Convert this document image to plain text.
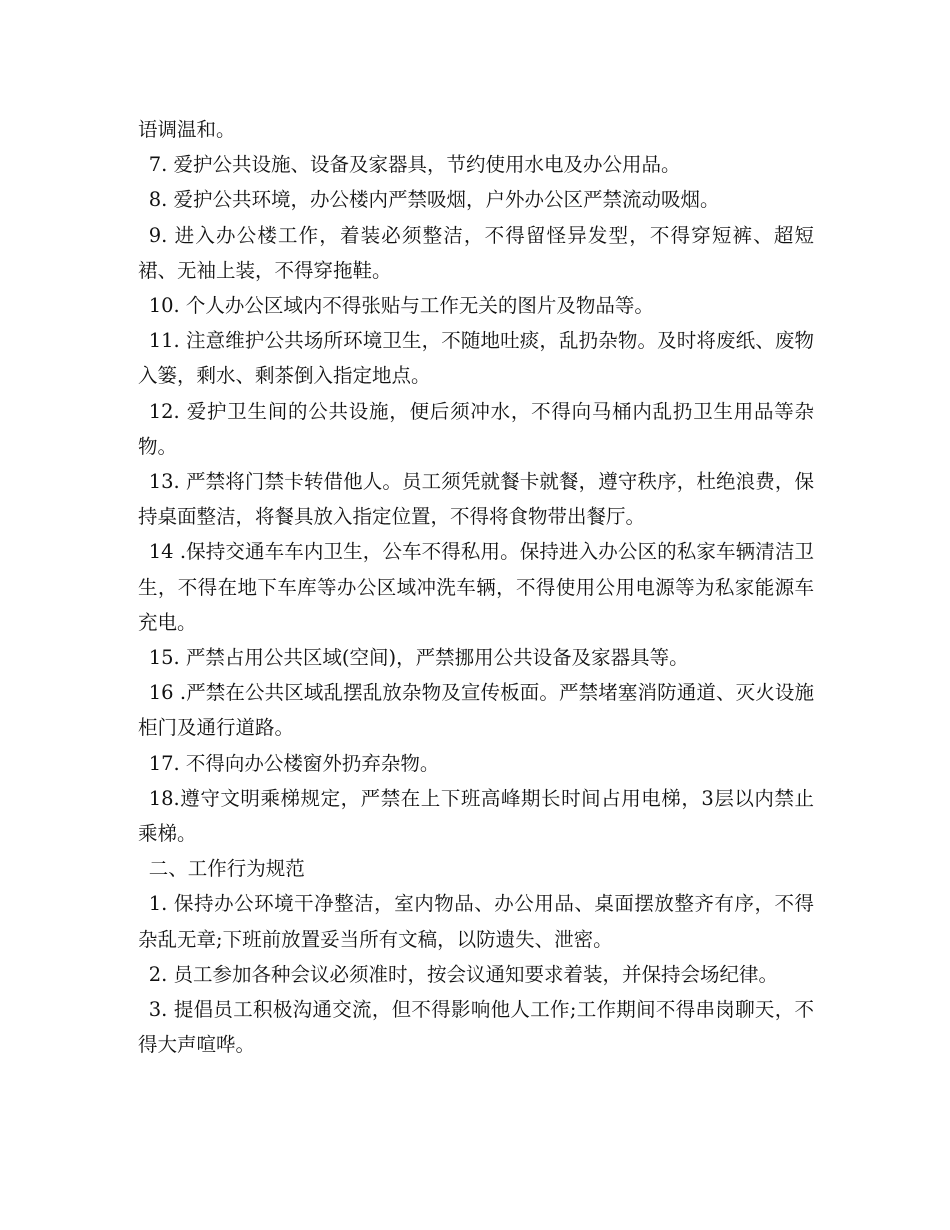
语调温和。

7. 爱护公共设施、设备及家器具，节约使用水电及办公用品。

8. 爱护公共环境，办公楼内严禁吸烟，户外办公区严禁流动吸烟。

9. 进入办公楼工作，着装必须整洁，不得留怪异发型，不得穿短裤、超短裙、无袖上装，不得穿拖鞋。

10. 个人办公区域内不得张贴与工作无关的图片及物品等。

11. 注意维护公共场所环境卫生，不随地吐痰，乱扔杂物。及时将废纸、废物入篓，剩水、剩茶倒入指定地点。

12. 爱护卫生间的公共设施，便后须冲水，不得向马桶内乱扔卫生用品等杂物。

13. 严禁将门禁卡转借他人。员工须凭就餐卡就餐，遵守秩序，杜绝浪费，保持桌面整洁，将餐具放入指定位置，不得将食物带出餐厅。

14 .保持交通车车内卫生，公车不得私用。保持进入办公区的私家车辆清洁卫生，不得在地下车库等办公区域冲洗车辆，不得使用公用电源等为私家能源车充电。

15. 严禁占用公共区域(空间)，严禁挪用公共设备及家器具等。

16 .严禁在公共区域乱摆乱放杂物及宣传板面。严禁堵塞消防通道、灭火设施柜门及通行道路。

17. 不得向办公楼窗外扔弃杂物。

18.遵守文明乘梯规定，严禁在上下班高峰期长时间占用电梯，3层以内禁止乘梯。

二、工作行为规范

1. 保持办公环境干净整洁，室内物品、办公用品、桌面摆放整齐有序，不得杂乱无章;下班前放置妥当所有文稿，以防遗失、泄密。

2. 员工参加各种会议必须准时，按会议通知要求着装，并保持会场纪律。

3. 提倡员工积极沟通交流，但不得影响他人工作;工作期间不得串岗聊天，不得大声喧哗。
